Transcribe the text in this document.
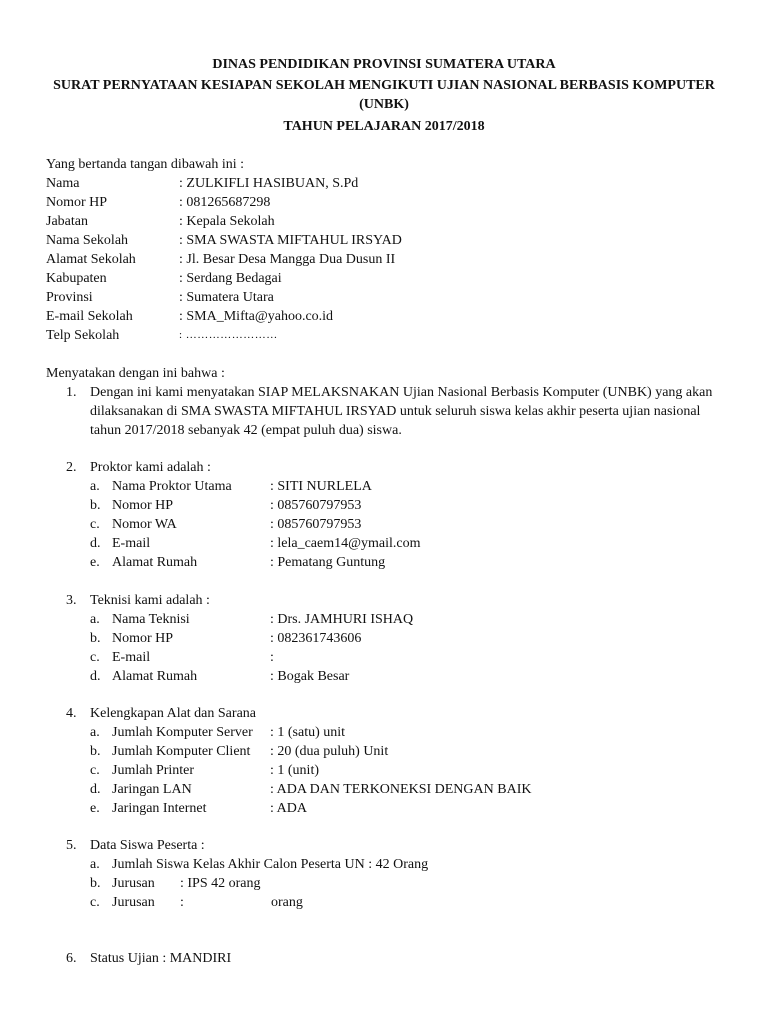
DINAS PENDIDIKAN PROVINSI SUMATERA UTARA
SURAT PERNYATAAN KESIAPAN SEKOLAH MENGIKUTI UJIAN NASIONAL BERBASIS KOMPUTER
(UNBK)
TAHUN PELAJARAN 2017/2018
Yang bertanda tangan dibawah ini :
Nama	: ZULKIFLI HASIBUAN, S.Pd
Nomor HP	: 081265687298
Jabatan	: Kepala Sekolah
Nama Sekolah	: SMA SWASTA MIFTAHUL IRSYAD
Alamat Sekolah	: Jl. Besar Desa Mangga Dua Dusun II
Kabupaten	: Serdang Bedagai
Provinsi	: Sumatera Utara
E-mail Sekolah	: SMA_Mifta@yahoo.co.id
Telp Sekolah	: ……………………
Menyatakan dengan ini bahwa :
1. Dengan ini kami menyatakan SIAP MELAKSNAKAN Ujian Nasional Berbasis Komputer (UNBK) yang akan
dilaksanakan di SMA SWASTA MIFTAHUL IRSYAD untuk seluruh siswa kelas akhir peserta ujian nasional
tahun 2017/2018 sebanyak 42 (empat puluh dua) siswa.
2. Proktor kami adalah :
a. Nama Proktor Utama	: SITI NURLELA
b. Nomor HP	: 085760797953
c. Nomor WA	: 085760797953
d. E-mail	: lela_caem14@ymail.com
e. Alamat Rumah	: Pematang Guntung
3. Teknisi kami adalah :
a. Nama Teknisi	: Drs. JAMHURI ISHAQ
b. Nomor HP	: 082361743606
c. E-mail	:
d. Alamat Rumah	: Bogak Besar
4. Kelengkapan Alat dan Sarana
a. Jumlah Komputer Server : 1 (satu) unit
b. Jumlah Komputer Client : 20 (dua puluh) Unit
c. Jumlah Printer	: 1 (unit)
d. Jaringan LAN	: ADA DAN TERKONEKSI DENGAN BAIK
e. Jaringan Internet	: ADA
5. Data Siswa Peserta :
a. Jumlah Siswa Kelas Akhir Calon Peserta UN : 42 Orang
b. Jurusan : IPS 42 orang
c. Jurusan :	orang
6. Status Ujian : MANDIRI
